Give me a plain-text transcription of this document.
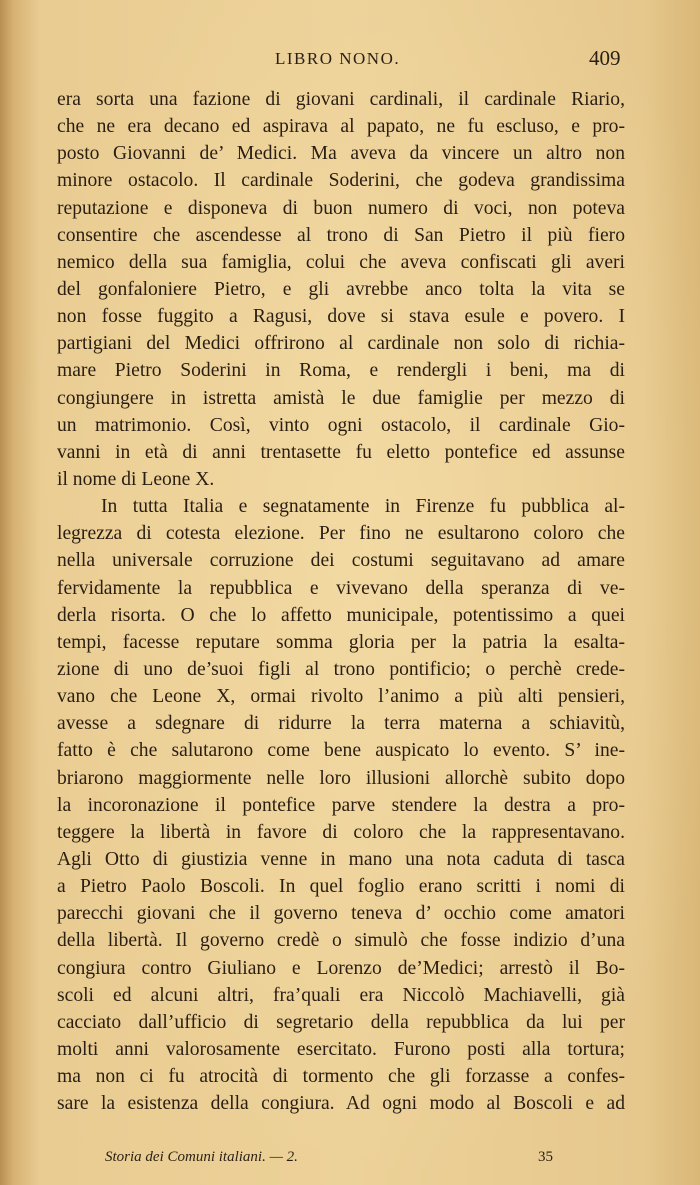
LIBRO NONO.	409
era sorta una fazione di giovani cardinali, il cardinale Riario,
che ne era decano ed aspirava al papato, ne fu escluso, e pro-
posto Giovanni de’ Medici. Ma aveva da vincere un altro non
minore ostacolo. Il cardinale Soderini, che godeva grandissima
reputazione e disponeva di buon numero di voci, non poteva
consentire che ascendesse al trono di San Pietro il più fiero
nemico della sua famiglia, colui che aveva confiscati gli averi
del gonfaloniere Pietro, e gli avrebbe anco tolta la vita se
non fosse fuggito a Ragusi, dove si stava esule e povero. I
partigiani del Medici offrirono al cardinale non solo di richia-
mare Pietro Soderini in Roma, e rendergli i beni, ma di
congiungere in istretta amistà le due famiglie per mezzo di
un matrimonio. Così, vinto ogni ostacolo, il cardinale Gio-
vanni in età di anni trentasette fu eletto pontefice ed assunse
il nome di Leone X.
In tutta Italia e segnatamente in Firenze fu pubblica al-
legrezza di cotesta elezione. Per fino ne esultarono coloro che
nella universale corruzione dei costumi seguitavano ad amare
fervidamente la repubblica e vivevano della speranza di ve-
derla risorta. O che lo affetto municipale, potentissimo a quei
tempi, facesse reputare somma gloria per la patria la esalta-
zione di uno de’suoi figli al trono pontificio; o perchè crede-
vano che Leone X, ormai rivolto l’animo a più alti pensieri,
avesse a sdegnare di ridurre la terra materna a schiavitù,
fatto è che salutarono come bene auspicato lo evento. S’ ine-
briarono maggiormente nelle loro illusioni allorchè subito dopo
la incoronazione il pontefice parve stendere la destra a pro-
teggere la libertà in favore di coloro che la rappresentavano.
Agli Otto di giustizia venne in mano una nota caduta di tasca
a Pietro Paolo Boscoli. In quel foglio erano scritti i nomi di
parecchi giovani che il governo teneva d’ occhio come amatori
della libertà. Il governo credè o simulò che fosse indizio d’una
congiura contro Giuliano e Lorenzo de’Medici; arrestò il Bo-
scoli ed alcuni altri, fra’quali era Niccolò Machiavelli, già
cacciato dall’ufficio di segretario della repubblica da lui per
molti anni valorosamente esercitato. Furono posti alla tortura;
ma non ci fu atrocità di tormento che gli forzasse a confes-
sare la esistenza della congiura. Ad ogni modo al Boscoli e ad
Storia dei Comuni italiani. — 2.	35
